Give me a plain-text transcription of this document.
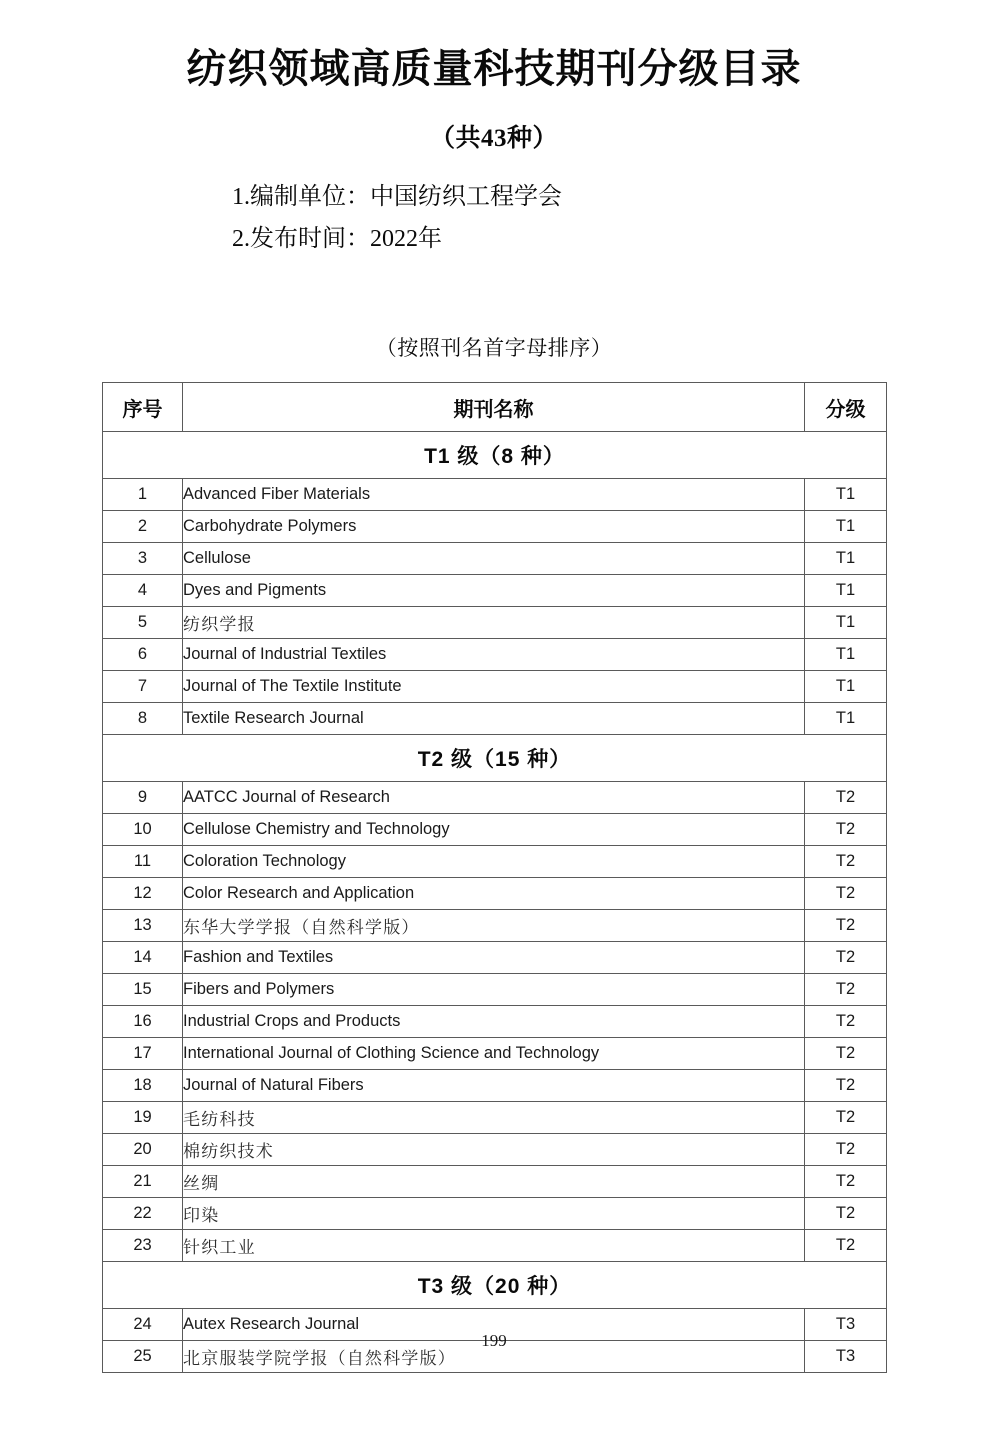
纺织领域高质量科技期刊分级目录
（共43种）
1.编制单位：中国纺织工程学会
2.发布时间：2022年
（按照刊名首字母排序）
序号	期刊名称	分级
T1 级（8 种）		
1	Advanced Fiber Materials	T1
2	Carbohydrate Polymers	T1
3	Cellulose	T1
4	Dyes and Pigments	T1
5	纺织学报	T1
6	Journal of Industrial Textiles	T1
7	Journal of The Textile Institute	T1
8	Textile Research Journal	T1
T2 级（15 种）		
9	AATCC Journal of Research	T2
10	Cellulose Chemistry and Technology	T2
11	Coloration Technology	T2
12	Color Research and Application	T2
13	东华大学学报（自然科学版）	T2
14	Fashion and Textiles	T2
15	Fibers and Polymers	T2
16	Industrial Crops and Products	T2
17	International Journal of Clothing Science and Technology	T2
18	Journal of Natural Fibers	T2
19	毛纺科技	T2
20	棉纺织技术	T2
21	丝绸	T2
22	印染	T2
23	针织工业	T2
T3 级（20 种）		
24	Autex Research Journal	T3
25	北京服装学院学报（自然科学版）	T3
199
